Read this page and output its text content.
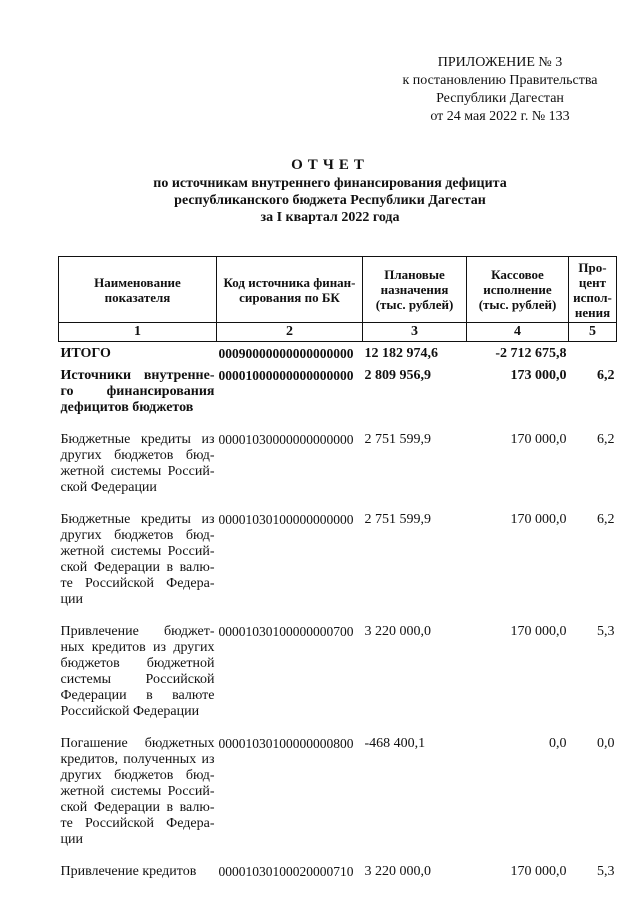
ПРИЛОЖЕНИЕ № 3
к постановлению Правительства
Республики Дагестан
от 24 мая 2022 г. № 133
ОТЧЕТ
по источникам внутреннего финансирования дефицита
республиканского бюджета Республики Дагестан
за I квартал 2022 года
Наименование показателя	Код источника финан-сирования по БК	Плановые назначения (тыс. рублей)	Кассовое исполнение (тыс. рублей)	Про-цент испол-нения
1	2	3	4	5
ИТОГО	00090000000000000000	12 182 974,6	-2 712 675,8	
Источники внутренне-го финансирования дефицитов бюджетов	00001000000000000000	2 809 956,9	173 000,0	6,2
Бюджетные кредиты из других бюджетов бюд-жетной системы Россий-ской Федерации	00001030000000000000	2 751 599,9	170 000,0	6,2
Бюджетные кредиты из других бюджетов бюд-жетной системы Россий-ской Федерации в валю-те Российской Федера-ции	00001030100000000000	2 751 599,9	170 000,0	6,2
Привлечение бюджет-ных кредитов из других бюджетов бюджетной системы Российской Федерации в валюте Российской Федерации	00001030100000000700	3 220 000,0	170 000,0	5,3
Погашение бюджетных кредитов, полученных из других бюджетов бюд-жетной системы Россий-ской Федерации в валю-те Российской Федера-ции	00001030100000000800	-468 400,1	0,0	0,0
Привлечение кредитов	00001030100020000710	3 220 000,0	170 000,0	5,3
